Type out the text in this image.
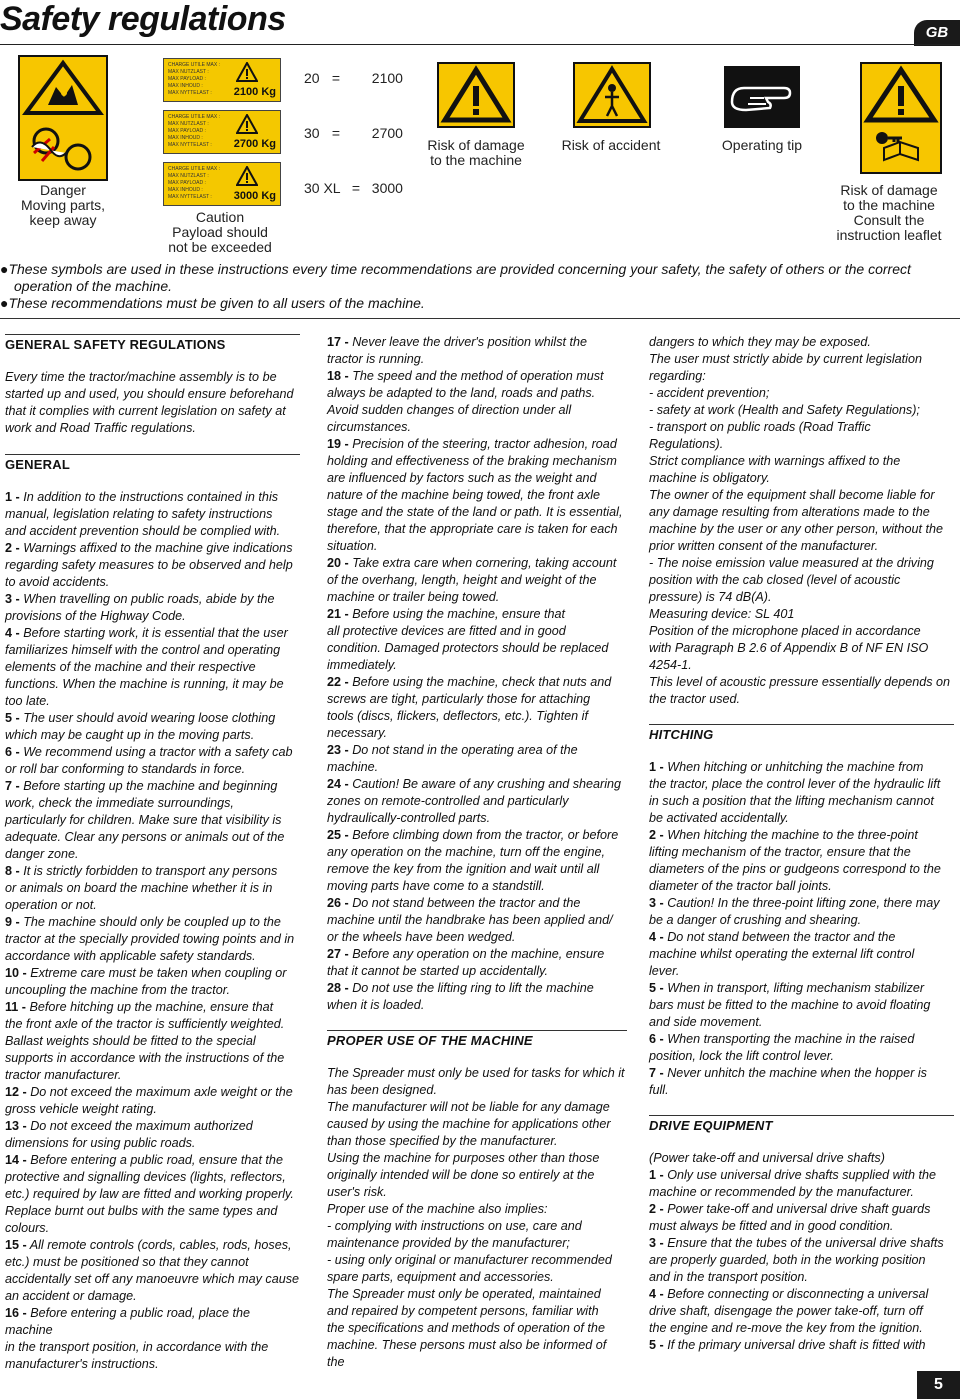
Safety regulations	GB
Danger
Moving parts,
keep away
CHARGE UTILE MAX :
MAX NUTZLAST :
MAX PAYLOAD :
MAX INHOUD :
MAX NYTTELAST :	2100 Kg
CHARGE UTILE MAX :
MAX NUTZLAST :
MAX PAYLOAD :
MAX INHOUD :
MAX NYTTELAST :	2700 Kg
CHARGE UTILE MAX :
MAX NUTZLAST :
MAX PAYLOAD :
MAX INHOUD :
MAX NYTTELAST :	3000 Kg
Caution
Payload should
not be exceeded
20 = 2100
30 = 2700
30 XL = 3000
Risk of damage
to the machine
Risk of accident	Operating tip
Risk of damage
to the machine
Consult the
instruction leaflet
●These symbols are used in these instructions every time recommendations are provided concerning your safety, the safety of others or the correct
operation of the machine.
●These recommendations must be given to all users of the machine.
GENERAL SAFETY REGULATIONS

Every time the tractor/machine assembly is to be

started up and used, you should ensure beforehand

that it complies with current legislation on safety at

work and Road Traffic regulations.

GENERAL

1 - In addition to the instructions contained in this

manual, legislation relating to safety instructions

and accident prevention should be complied with.

2 - Warnings affixed to the machine give indications

regarding safety measures to be observed and help

to avoid accidents.

3 - When travelling on public roads, abide by the

provisions of the Highway Code.

4 - Before starting work, it is essential that the user

familiarizes himself with the control and operating

elements of the machine and their respective

functions. When the machine is running, it may be

too late.

5 - The user should avoid wearing loose clothing

which may be caught up in the moving parts.

6 - We recommend using a tractor with a safety cab

or roll bar conforming to standards in force.

7 - Before starting up the machine and beginning

work, check the immediate surroundings,

particularly for children. Make sure that visibility is

adequate. Clear any persons or animals out of the

danger zone.

8 - It is strictly forbidden to transport any persons

or animals on board the machine whether it is in

operation or not.

9 - The machine should only be coupled up to the

tractor at the specially provided towing points and in

accordance with applicable safety standards.

10 - Extreme care must be taken when coupling or

uncoupling the machine from the tractor.

11 - Before hitching up the machine, ensure that

the front axle of the tractor is sufficiently weighted.

Ballast weights should be fitted to the special

supports in accordance with the instructions of the

tractor manufacturer.

12 - Do not exceed the maximum axle weight or the

gross vehicle weight rating.

13 - Do not exceed the maximum authorized

dimensions for using public roads.

14 - Before entering a public road, ensure that the

protective and signalling devices (lights, reflectors,

etc.) required by law are fitted and working properly.

Replace burnt out bulbs with the same types and

colours.

15 - All remote controls (cords, cables, rods, hoses,

etc.) must be positioned so that they cannot

accidentally set off any manoeuvre which may cause

an accident or damage.

16 - Before entering a public road, place the machine

in the transport position, in accordance with the

manufacturer's instructions.

17 - Never leave the driver's position whilst the

tractor is running.

18 - The speed and the method of operation must

always be adapted to the land, roads and paths.

Avoid sudden changes of direction under all

circumstances.

19 - Precision of the steering, tractor adhesion, road

holding and effectiveness of the braking mechanism

are influenced by factors such as the weight and

nature of the machine being towed, the front axle

stage and the state of the land or path. It is essential,

therefore, that the appropriate care is taken for each

situation.

20 - Take extra care when cornering, taking account

of the overhang, length, height and weight of the

machine or trailer being towed.

21 - Before using the machine, ensure that

all protective devices are fitted and in good

condition. Damaged protectors should be replaced

immediately.

22 - Before using the machine, check that nuts and

screws are tight, particularly those for attaching

tools (discs, flickers, deflectors, etc.). Tighten if

necessary.

23 - Do not stand in the operating area of the

machine.

24 - Caution! Be aware of any crushing and shearing

zones on remote-controlled and particularly

hydraulically-controlled parts.

25 - Before climbing down from the tractor, or before

any operation on the machine, turn off the engine,

remove the key from the ignition and wait until all

moving parts have come to a standstill.

26 - Do not stand between the tractor and the

machine until the handbrake has been applied and/

or the wheels have been wedged.

27 - Before any operation on the machine, ensure

that it cannot be started up accidentally.

28 - Do not use the lifting ring to lift the machine

when it is loaded.

PROPER USE OF THE MACHINE

The Spreader must only be used for tasks for which it

has been designed.

The manufacturer will not be liable for any damage

caused by using the machine for applications other

than those specified by the manufacturer.

Using the machine for purposes other than those

originally intended will be done so entirely at the

user's risk.

Proper use of the machine also implies:

- complying with instructions on use, care and

maintenance provided by the manufacturer;

- using only original or manufacturer recommended

spare parts, equipment and accessories.

The Spreader must only be operated, maintained

and repaired by competent persons, familiar with

the specifications and methods of operation of the

machine. These persons must also be informed of the

dangers to which they may be exposed.

The user must strictly abide by current legislation

regarding:

- accident prevention;

- safety at work (Health and Safety Regulations);

- transport on public roads (Road Traffic

Regulations).

Strict compliance with warnings affixed to the

machine is obligatory.

The owner of the equipment shall become liable for

any damage resulting from alterations made to the

machine by the user or any other person, without the

prior written consent of the manufacturer.

- The noise emission value measured at the driving

position with the cab closed (level of acoustic

pressure) is 74 dB(A).

Measuring device: SL 401

Position of the microphone placed in accordance

with Paragraph B 2.6 of Appendix B of NF EN ISO

4254-1.

This level of acoustic pressure essentially depends on

the tractor used.

HITCHING

1 - When hitching or unhitching the machine from

the tractor, place the control lever of the hydraulic lift

in such a position that the lifting mechanism cannot

be activated accidentally.

2 - When hitching the machine to the three-point

lifting mechanism of the tractor, ensure that the

diameters of the pins or gudgeons correspond to the

diameter of the tractor ball joints.

3 - Caution! In the three-point lifting zone, there may

be a danger of crushing and shearing.

4 - Do not stand between the tractor and the

machine whilst operating the external lift control

lever.

5 - When in transport, lifting mechanism stabilizer

bars must be fitted to the machine to avoid floating

and side movement.

6 - When transporting the machine in the raised

position, lock the lift control lever.

7 - Never unhitch the machine when the hopper is

full.

DRIVE EQUIPMENT

(Power take-off and universal drive shafts)

1 - Only use universal drive shafts supplied with the

machine or recommended by the manufacturer.

2 - Power take-off and universal drive shaft guards

must always be fitted and in good condition.

3 - Ensure that the tubes of the universal drive shafts

are properly guarded, both in the working position

and in the transport position.

4 - Before connecting or disconnecting a universal

drive shaft, disengage the power take-off, turn off

the engine and re-move the key from the ignition.

5 - If the primary universal drive shaft is fitted with

5
